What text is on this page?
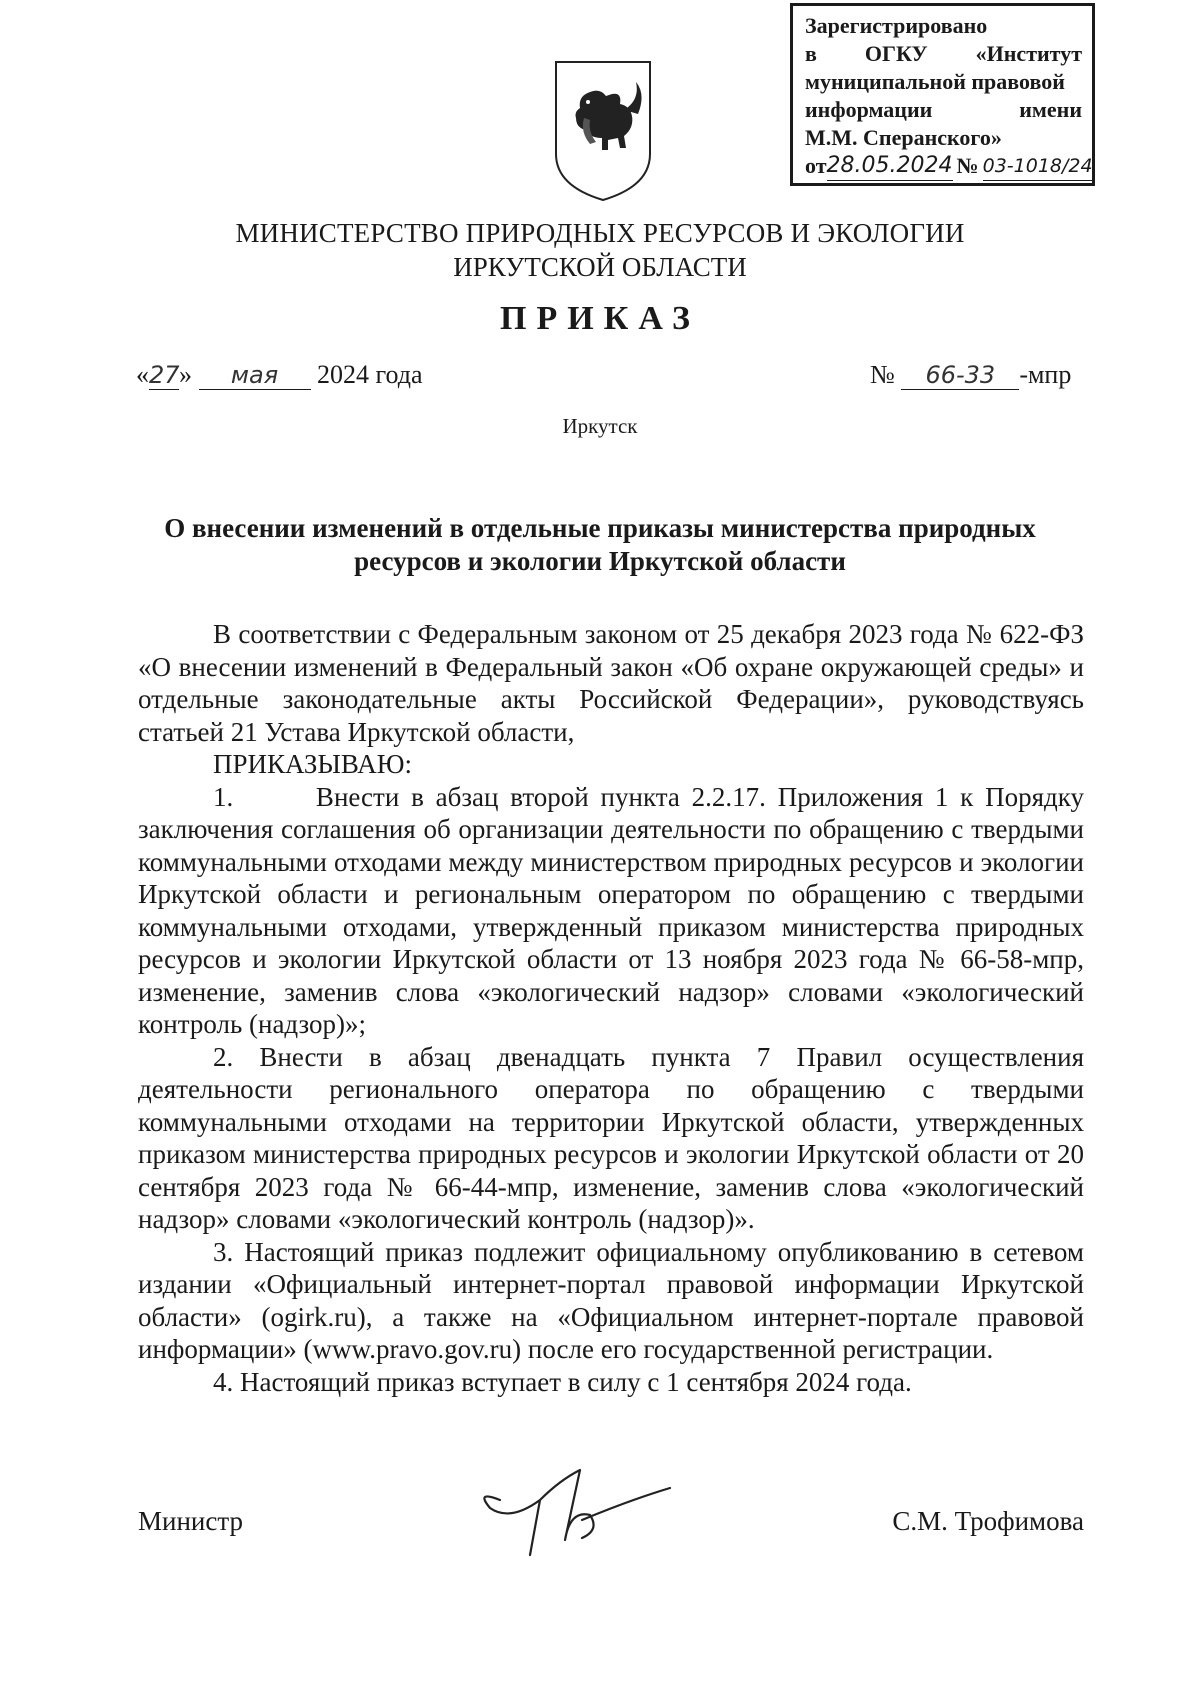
Зарегистрировано
в ОГКУ «Институт
муниципальной правовой
информации	имени
М.М. Сперанского»
от 28.05.2024 № 03-1018/24
МИНИСТЕРСТВО ПРИРОДНЫХ РЕСУРСОВ И ЭКОЛОГИИ
ИРКУТСКОЙ ОБЛАСТИ
ПРИКАЗ
«27» мая 2024 года	№ 66-33 -мпр
Иркутск
О внесении изменений в отдельные приказы министерства природных ресурсов и экологии Иркутской области

В соответствии с Федеральным законом от 25 декабря 2023 года № 622-ФЗ «О внесении изменений в Федеральный закон «Об охране окружающей среды» и отдельные законодательные акты Российской Федерации», руководствуясь статьей 21 Устава Иркутской области,

ПРИКАЗЫВАЮ:

1.       Внести в абзац второй пункта 2.2.17. Приложения 1 к Порядку заключения соглашения об организации деятельности по обращению с твердыми коммунальными отходами между министерством природных ресурсов и экологии Иркутской области и региональным оператором по обращению с твердыми коммунальными отходами, утвержденный приказом министерства природных ресурсов и экологии Иркутской области от 13 ноября 2023 года № 66-58-мпр, изменение, заменив слова «экологический надзор» словами «экологический контроль (надзор)»;

2. Внести в абзац двенадцать пункта 7 Правил осуществления деятельности регионального оператора по обращению с твердыми коммунальными отходами на территории Иркутской области, утвержденных приказом министерства природных ресурсов и экологии Иркутской области от 20 сентября 2023 года № 66-44-мпр, изменение, заменив слова «экологический надзор» словами «экологический контроль (надзор)».

3. Настоящий приказ подлежит официальному опубликованию в сетевом издании «Официальный интернет-портал правовой информации Иркутской области» (ogirk.ru), а также на «Официальном интернет-портале правовой информации» (www.pravo.gov.ru) после его государственной регистрации.

4. Настоящий приказ вступает в силу с 1 сентября 2024 года.

Министр	С.М. Трофимова
